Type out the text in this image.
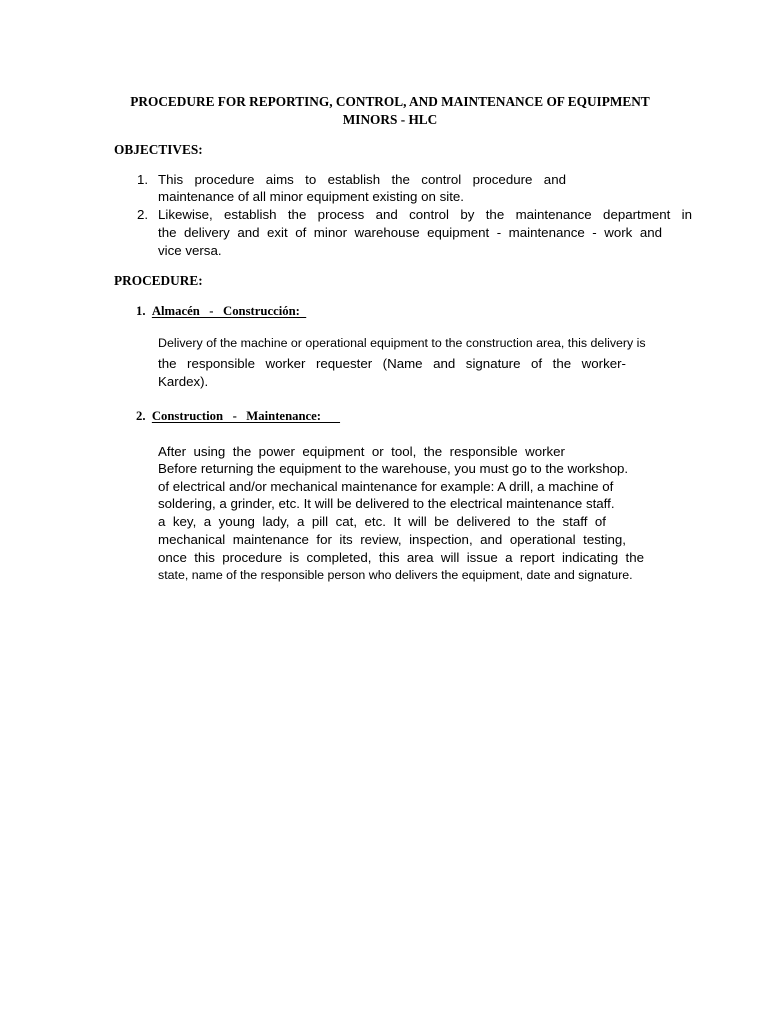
PROCEDURE FOR REPORTING, CONTROL, AND MAINTENANCE OF EQUIPMENT
MINORS - HLC
OBJECTIVES:
1. This procedure aims to establish the control procedure and
maintenance of all minor equipment existing on site.
2. Likewise, establish the process and control by the maintenance department in
the delivery and exit of minor warehouse equipment - maintenance - work and
vice versa.
PROCEDURE:
1. Almacén   -   Construcción:
Delivery of the machine or operational equipment to the construction area, this delivery is
the responsible worker requester (Name and signature of the worker-
Kardex).
2. Construction   -   Maintenance:
After using the power equipment or tool, the responsible worker
Before returning the equipment to the warehouse, you must go to the workshop.
of electrical and/or mechanical maintenance for example: A drill, a machine of
soldering, a grinder, etc. It will be delivered to the electrical maintenance staff.
a key, a young lady, a pill cat, etc. It will be delivered to the staff of
mechanical maintenance for its review, inspection, and operational testing,
once this procedure is completed, this area will issue a report indicating the
state, name of the responsible person who delivers the equipment, date and signature.
